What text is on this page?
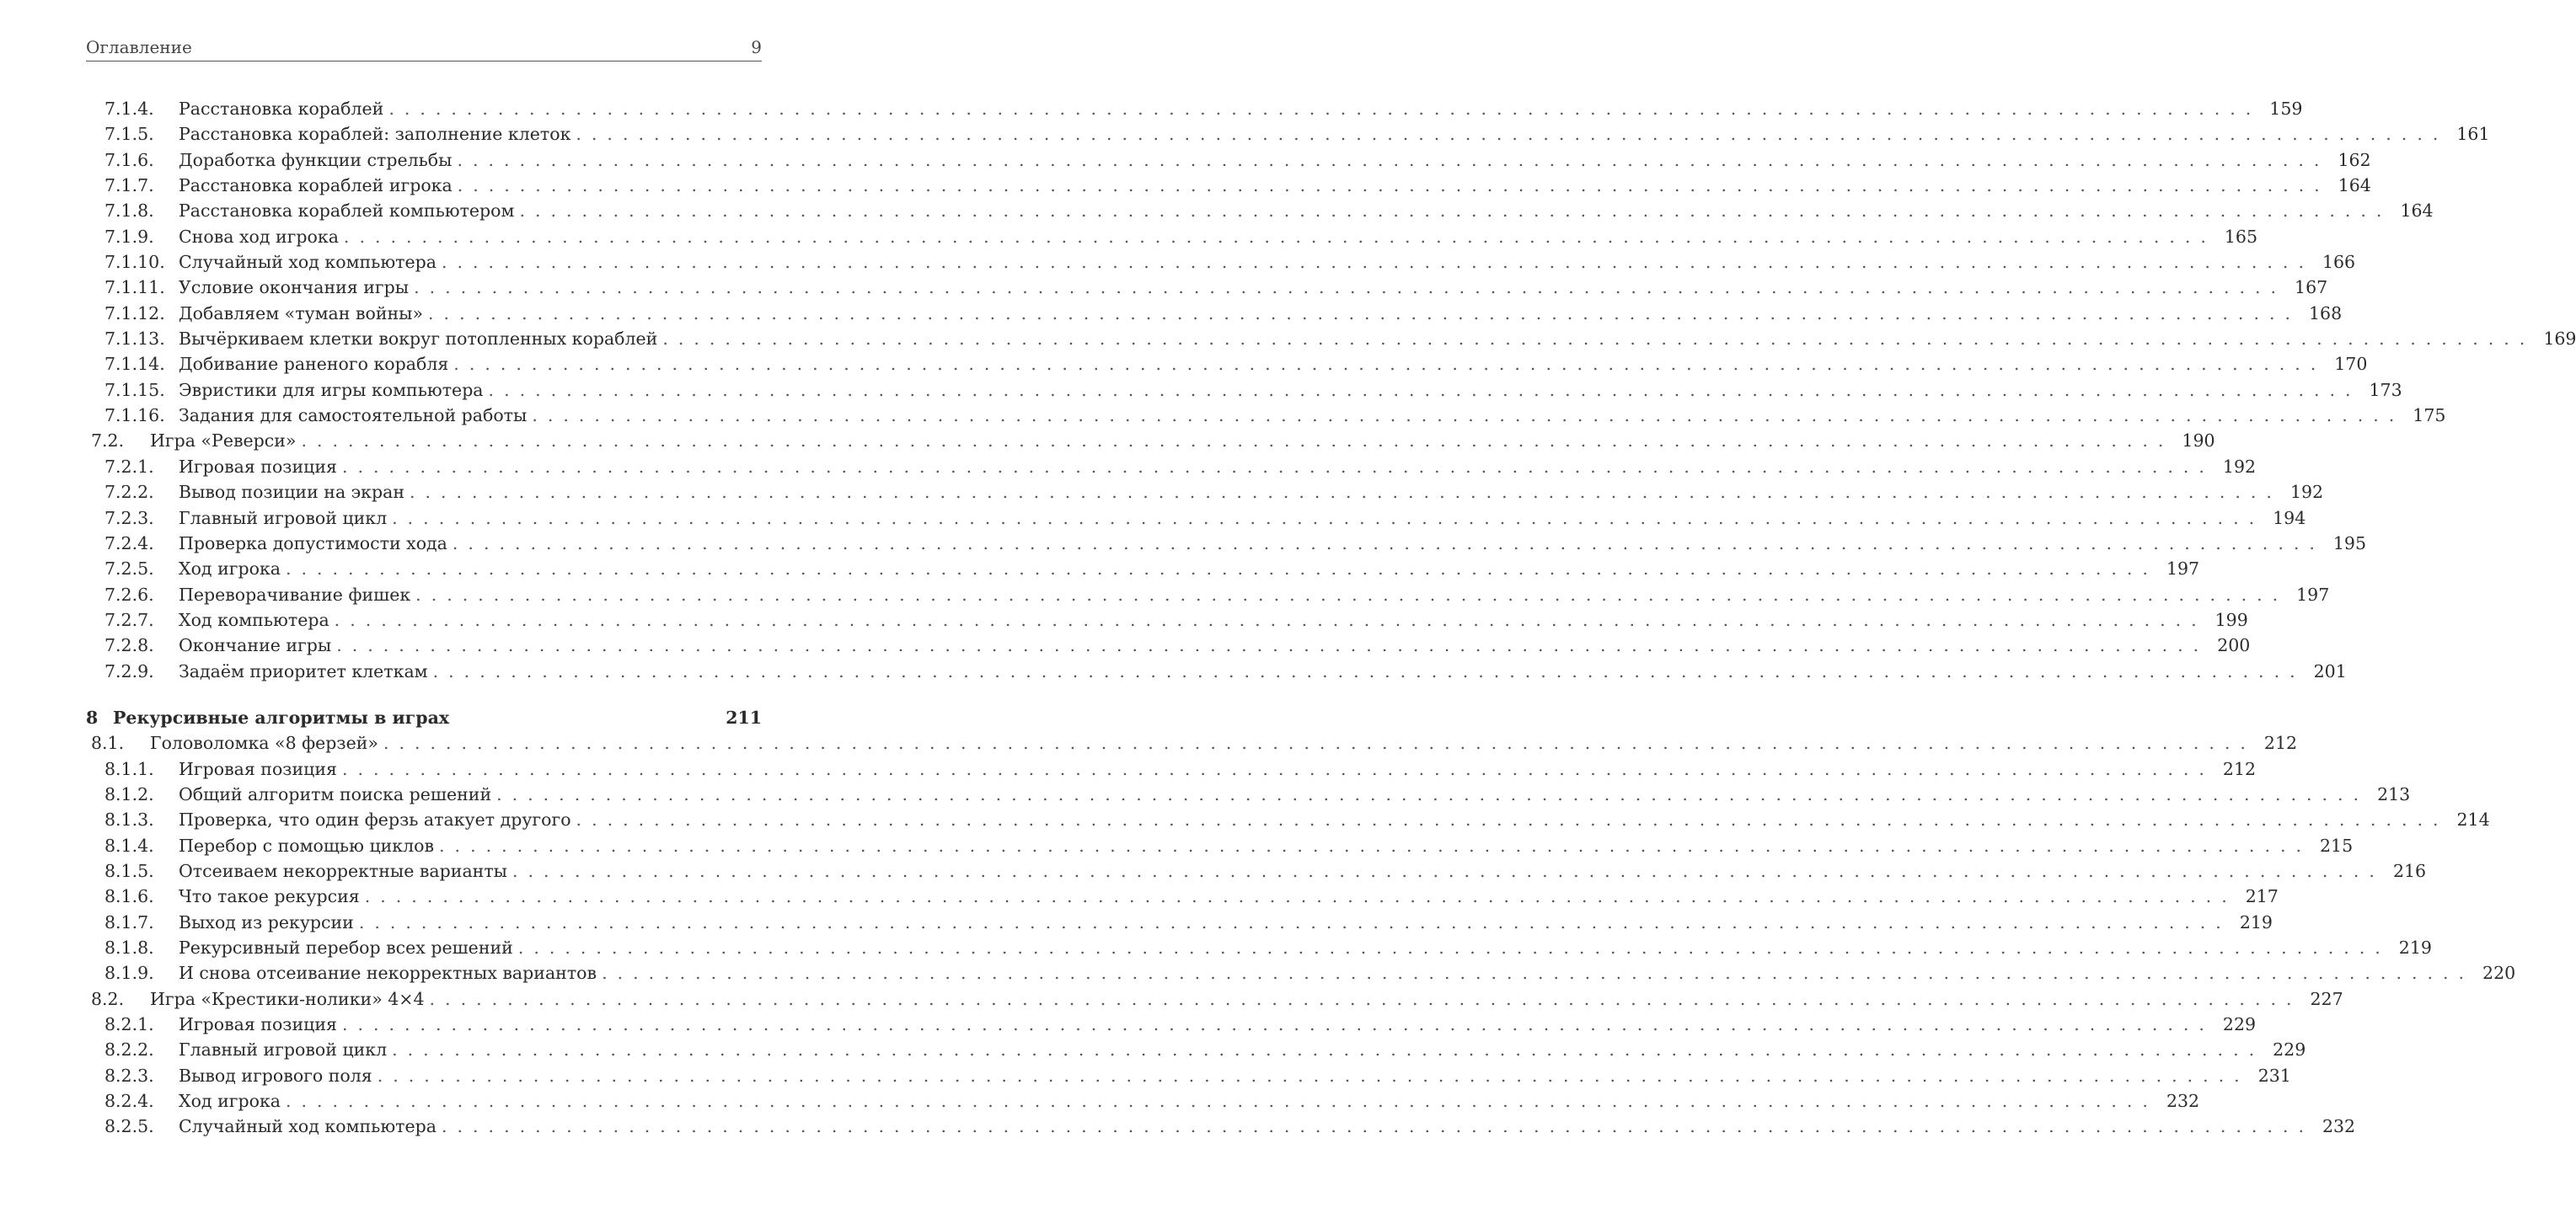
Оглавление	9
7.1.4. Расстановка кораблей ........................................................................................................................ 159
7.1.5. Расстановка кораблей: заполнение клеток ........................................................................................................................ 161
7.1.6. Доработка функции стрельбы ........................................................................................................................ 162
7.1.7. Расстановка кораблей игрока ........................................................................................................................ 164
7.1.8. Расстановка кораблей компьютером ........................................................................................................................ 164
7.1.9. Снова ход игрока ........................................................................................................................ 165
7.1.10. Случайный ход компьютера ........................................................................................................................ 166
7.1.11. Условие окончания игры ........................................................................................................................ 167
7.1.12. Добавляем «туман войны» ........................................................................................................................ 168
7.1.13. Вычёркиваем клетки вокруг потопленных кораблей ........................................................................................................................ 169
7.1.14. Добивание раненого корабля ........................................................................................................................ 170
7.1.15. Эвристики для игры компьютера ........................................................................................................................ 173
7.1.16. Задания для самостоятельной работы ........................................................................................................................ 175
7.2. Игра «Реверси» ........................................................................................................................ 190
7.2.1. Игровая позиция ........................................................................................................................ 192
7.2.2. Вывод позиции на экран ........................................................................................................................ 192
7.2.3. Главный игровой цикл ........................................................................................................................ 194
7.2.4. Проверка допустимости хода ........................................................................................................................ 195
7.2.5. Ход игрока ........................................................................................................................ 197
7.2.6. Переворачивание фишек ........................................................................................................................ 197
7.2.7. Ход компьютера ........................................................................................................................ 199
7.2.8. Окончание игры ........................................................................................................................ 200
7.2.9. Задаём приоритет клеткам ........................................................................................................................ 201
8 Рекурсивные алгоритмы в играх	211
8.1. Головоломка «8 ферзей» ........................................................................................................................ 212
8.1.1. Игровая позиция ........................................................................................................................ 212
8.1.2. Общий алгоритм поиска решений ........................................................................................................................ 213
8.1.3. Проверка, что один ферзь атакует другого ........................................................................................................................ 214
8.1.4. Перебор с помощью циклов ........................................................................................................................ 215
8.1.5. Отсеиваем некорректные варианты ........................................................................................................................ 216
8.1.6. Что такое рекурсия ........................................................................................................................ 217
8.1.7. Выход из рекурсии ........................................................................................................................ 219
8.1.8. Рекурсивный перебор всех решений ........................................................................................................................ 219
8.1.9. И снова отсеивание некорректных вариантов ........................................................................................................................ 220
8.2. Игра «Крестики-нолики» 4×4 ........................................................................................................................ 227
8.2.1. Игровая позиция ........................................................................................................................ 229
8.2.2. Главный игровой цикл ........................................................................................................................ 229
8.2.3. Вывод игрового поля ........................................................................................................................ 231
8.2.4. Ход игрока ........................................................................................................................ 232
8.2.5. Случайный ход компьютера ........................................................................................................................ 232
